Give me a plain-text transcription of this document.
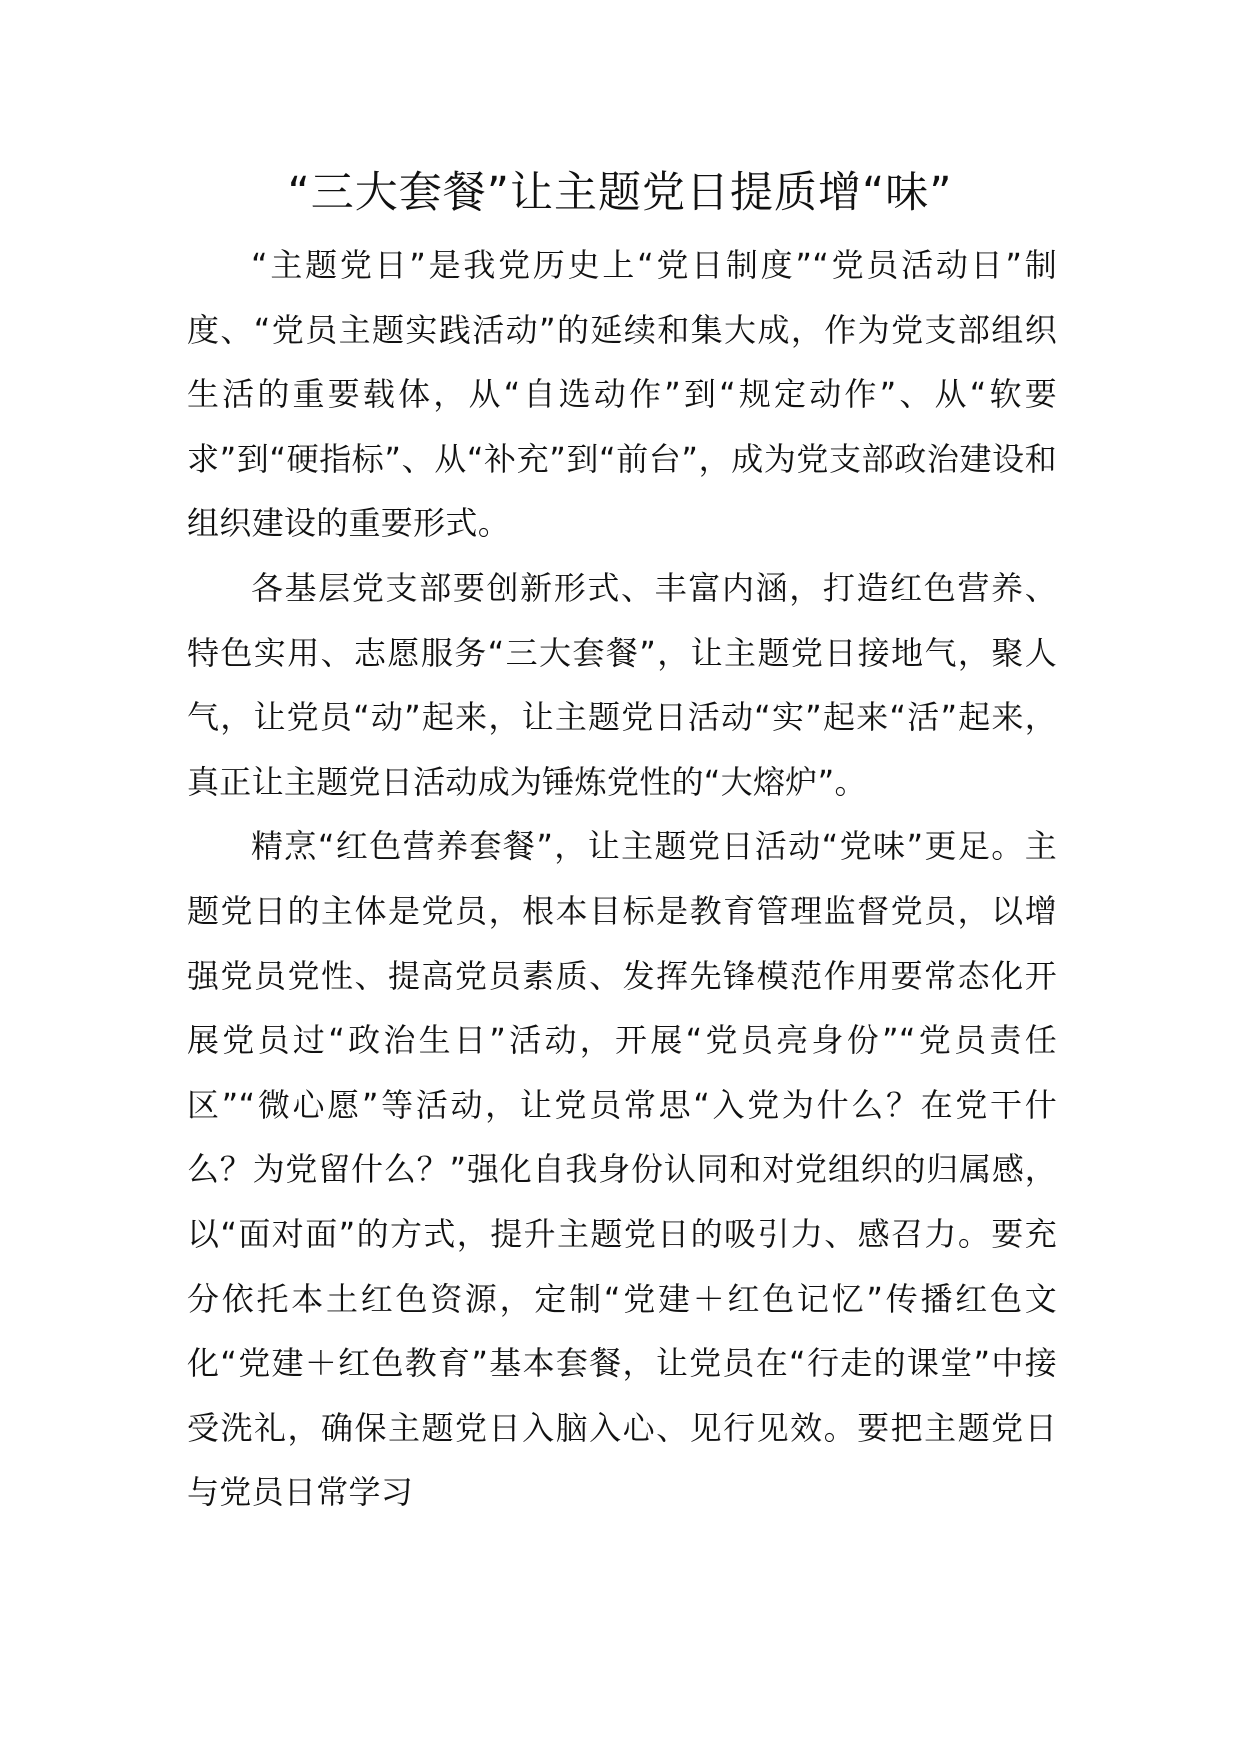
“三大套餐”让主题党日提质增“味”

“主题党日”是我党历史上“党日制度”“党员活动日”制度、“党员主题实践活动”的延续和集大成，作为党支部组织生活的重要载体，从“自选动作”到“规定动作”、从“软要求”到“硬指标”、从“补充”到“前台”，成为党支部政治建设和组织建设的重要形式。

各基层党支部要创新形式、丰富内涵，打造红色营养、特色实用、志愿服务“三大套餐”，让主题党日接地气，聚人气，让党员“动”起来，让主题党日活动“实”起来“活”起来，真正让主题党日活动成为锤炼党性的“大熔炉”。

精烹“红色营养套餐”，让主题党日活动“党味”更足。主题党日的主体是党员，根本目标是教育管理监督党员，以增强党员党性、提高党员素质、发挥先锋模范作用要常态化开展党员过“政治生日”活动，开展“党员亮身份”“党员责任区”“微心愿”等活动，让党员常思“入党为什么？在党干什么？为党留什么？”强化自我身份认同和对党组织的归属感，以“面对面”的方式，提升主题党日的吸引力、感召力。要充分依托本土红色资源，定制“党建＋红色记忆”传播红色文化“党建＋红色教育”基本套餐，让党员在“行走的课堂”中接受洗礼，确保主题党日入脑入心、见行见效。要把主题党日与党员日常学习
